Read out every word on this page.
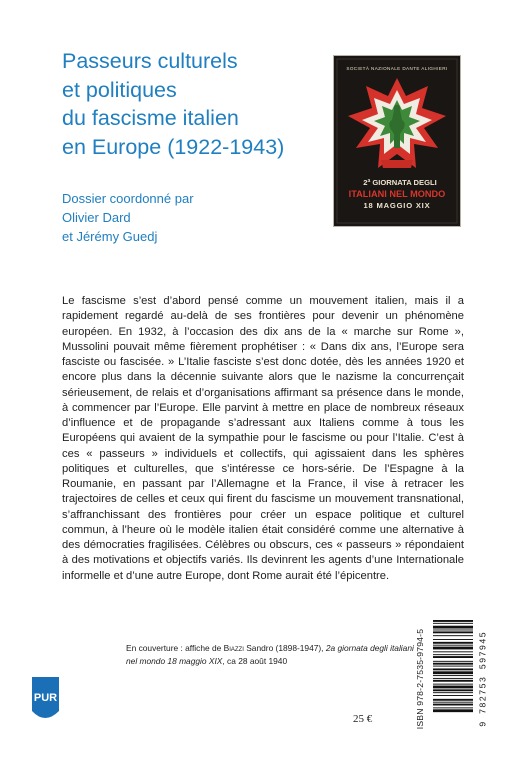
Passeurs culturels
et politiques
du fascisme italien
en Europe (1922-1943)
Dossier coordonné par
Olivier Dard
et Jérémy Guedj
SOCIETÀ NAZIONALE DANTE ALIGHIERI
2ª GIORNATA DEGLI
ITALIANI NEL MONDO
18 MAGGIO XIX
Le fascisme s’est d’abord pensé comme un mouvement italien, mais il a rapidement regardé au-delà de ses frontières pour devenir un phénomène européen. En 1932, à l’occasion des dix ans de la « marche sur Rome », Mussolini pouvait même fièrement prophétiser : « Dans dix ans, l’Europe sera fasciste ou fascisée. » L’Italie fasciste s’est donc dotée, dès les années 1920 et encore plus dans la décennie suivante alors que le nazisme la concurrençait sérieusement, de relais et d’organisations affirmant sa présence dans le monde, à commencer par l’Europe. Elle parvint à mettre en place de nombreux réseaux d’influence et de propagande s’adressant aux Italiens comme à tous les Européens qui avaient de la sympathie pour le fascisme ou pour l’Italie. C’est à ces « passeurs » individuels et collectifs, qui agissaient dans les sphères politiques et culturelles, que s’intéresse ce hors-série. De l’Espagne à la Roumanie, en passant par l’Allemagne et la France, il vise à retracer les trajectoires de celles et ceux qui firent du fascisme un mouvement transnational, s’affranchissant des frontières pour créer un espace politique et culturel commun, à l’heure où le modèle italien était considéré comme une alternative à des démocraties fragilisées. Célèbres ou obscurs, ces « passeurs » répondaient à des motivations et objectifs variés. Ils devinrent les agents d’une Internationale informelle et d’une autre Europe, dont Rome aurait été l’épicentre.
En couverture : affiche de Biazzi Sandro (1898-1947), 2a giornata degli italiani nel mondo 18 maggio XIX, ca 28 août 1940
PUR
25 €	ISBN 978-2-7535-9794-5	9 782753 597945
